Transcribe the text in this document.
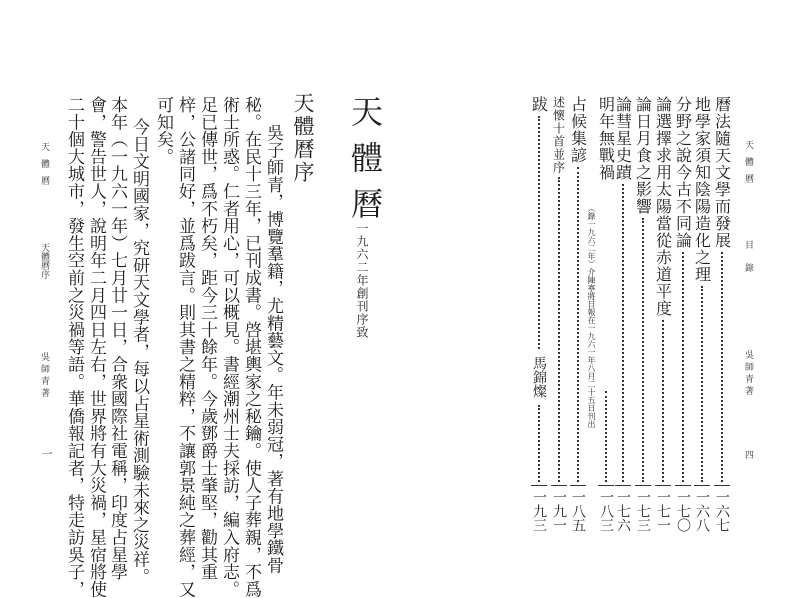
天體曆序
吳子師青，博覽羣籍，尤精藝文。年未弱冠，著有地學鐵骨
秘。在民十三年，已刊成書。啓堪輿家之秘鑰。使人子葬親，不爲
術士所惑。仁者用心，可以概見。書經潮州士夫採訪，編入府志。
足已傳世，爲不朽矣，距今三十餘年。今歲鄧爵士肇堅，勸其重
梓，公諸同好，並爲跋言。則其書之精粹，不讓郭景純之葬經，又
可知矣。
今日文明國家，究研天文學者，每以占星術測驗未來之災祥。
本年（一九六一年）七月廿一日，合衆國際社電稱，印度占星學
會，警告世人，說明年二月四日左右，世界將有大災禍，星宿將使
二十個大城市，發生空前之災禍等語。華僑報記者，特走訪吳子，
天體曆
天體曆序
吳師青著
一
天體曆
一九六二年創刊序致
曆法隨天文學而發展
一六七
地學家須知陰陽造化之理
一六八
分野之說今古不同論
一七〇
論選擇求用太陽當從赤道平度
一七一
論日月食之影響
一七三
論彗星史蹟
一七六
明年無戰禍
（錄一九六二年）介陳寧將日報在一九六一年八月二十五日刊出
一八三
占候集諺
一八五
述懷十首並序
一九一
跋
馬錦燦
一九三
天體曆
目錄
吳師青著
四
